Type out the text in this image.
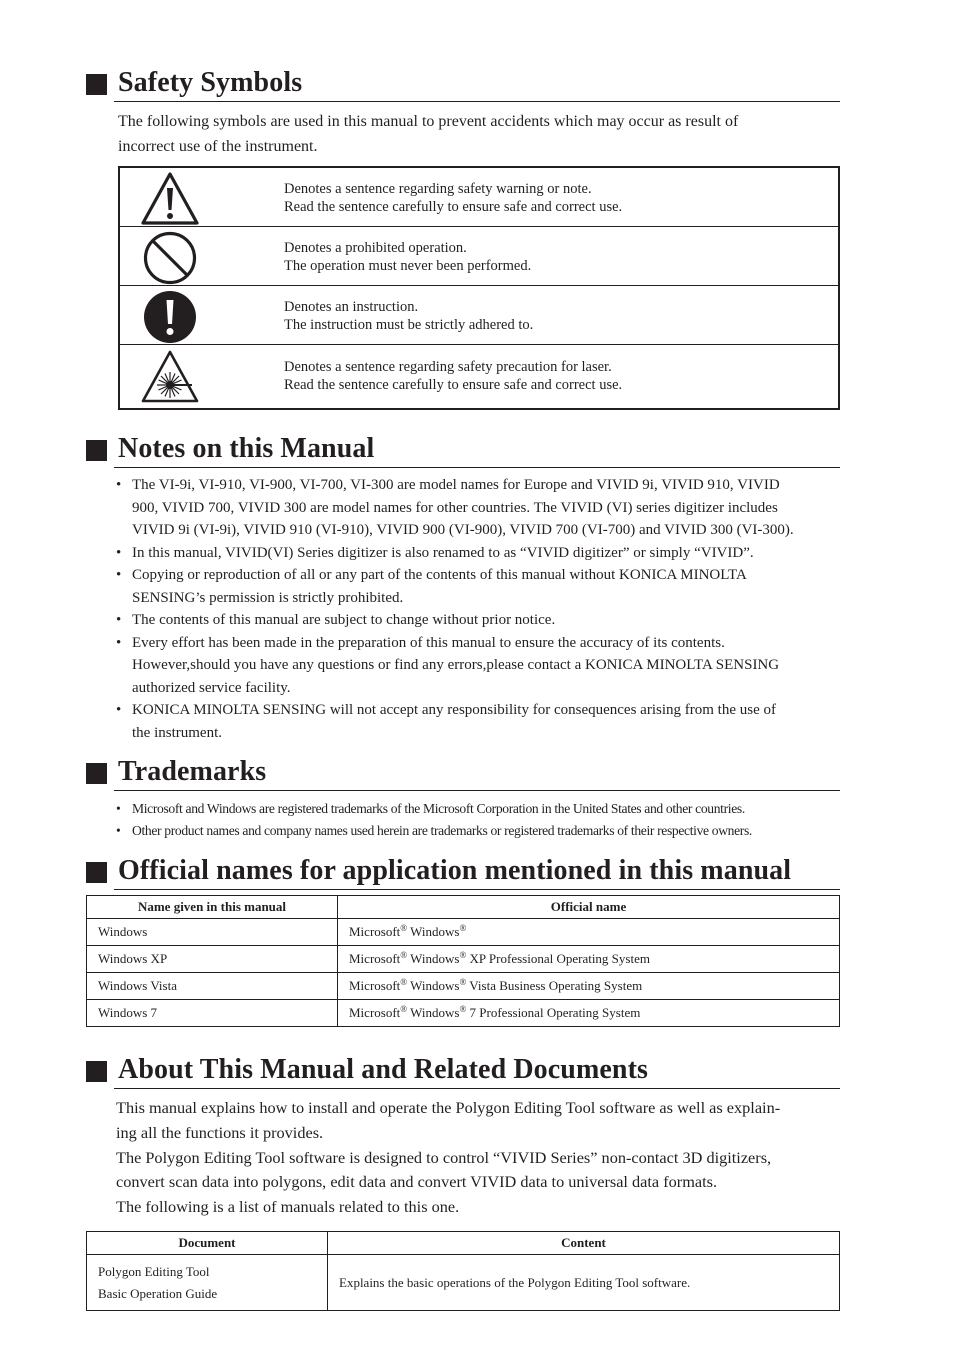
Safety Symbols

The following symbols are used in this manual to prevent accidents which may occur as result of

incorrect use of the instrument.

Denotes a sentence regarding safety warning or note.

Read the sentence carefully to ensure safe and correct use.

Denotes a prohibited operation.

The operation must never been performed.

Denotes an instruction.

The instruction must be strictly adhered to.

Denotes a sentence regarding safety precaution for laser.

Read the sentence carefully to ensure safe and correct use.

Notes on this Manual

• The VI-9i, VI-910, VI-900, VI-700, VI-300 are model names for Europe and VIVID 9i, VIVID 910, VIVID

900, VIVID 700, VIVID 300 are model names for other countries. The VIVID (VI) series digitizer includes

VIVID 9i (VI-9i), VIVID 910 (VI-910), VIVID 900 (VI-900), VIVID 700 (VI-700) and VIVID 300 (VI-300).

• In this manual, VIVID(VI) Series digitizer is also renamed to as “VIVID digitizer” or simply “VIVID”.

• Copying or reproduction of all or any part of the contents of this manual without KONICA MINOLTA

SENSING’s permission is strictly prohibited.

• The contents of this manual are subject to change without prior notice.

• Every effort has been made in the preparation of this manual to ensure the accuracy of its contents.

However,should you have any questions or find any errors,please contact a KONICA MINOLTA SENSING

authorized service facility.

• KONICA MINOLTA SENSING will not accept any responsibility for consequences arising from the use of

the instrument.

Trademarks

• Microsoft and Windows are registered trademarks of the Microsoft Corporation in the United States and other countries.

• Other product names and company names used herein are trademarks or registered trademarks of their respective owners.

Official names for application mentioned in this manual
Name given in this manual	Official name
Windows	Microsoft® Windows®
Windows XP	Microsoft® Windows® XP Professional Operating System
Windows Vista	Microsoft® Windows® Vista Business Operating System
Windows 7	Microsoft® Windows® 7 Professional Operating System
About This Manual and Related Documents

This manual explains how to install and operate the Polygon Editing Tool software as well as explain-

ing all the functions it provides.

The Polygon Editing Tool software is designed to control “VIVID Series” non-contact 3D digitizers,

convert scan data into polygons, edit data and convert VIVID data to universal data formats.

The following is a list of manuals related to this one.

Document	Content

Polygon Editing Tool
Basic Operation Guide	Explains the basic operations of the Polygon Editing Tool software.
